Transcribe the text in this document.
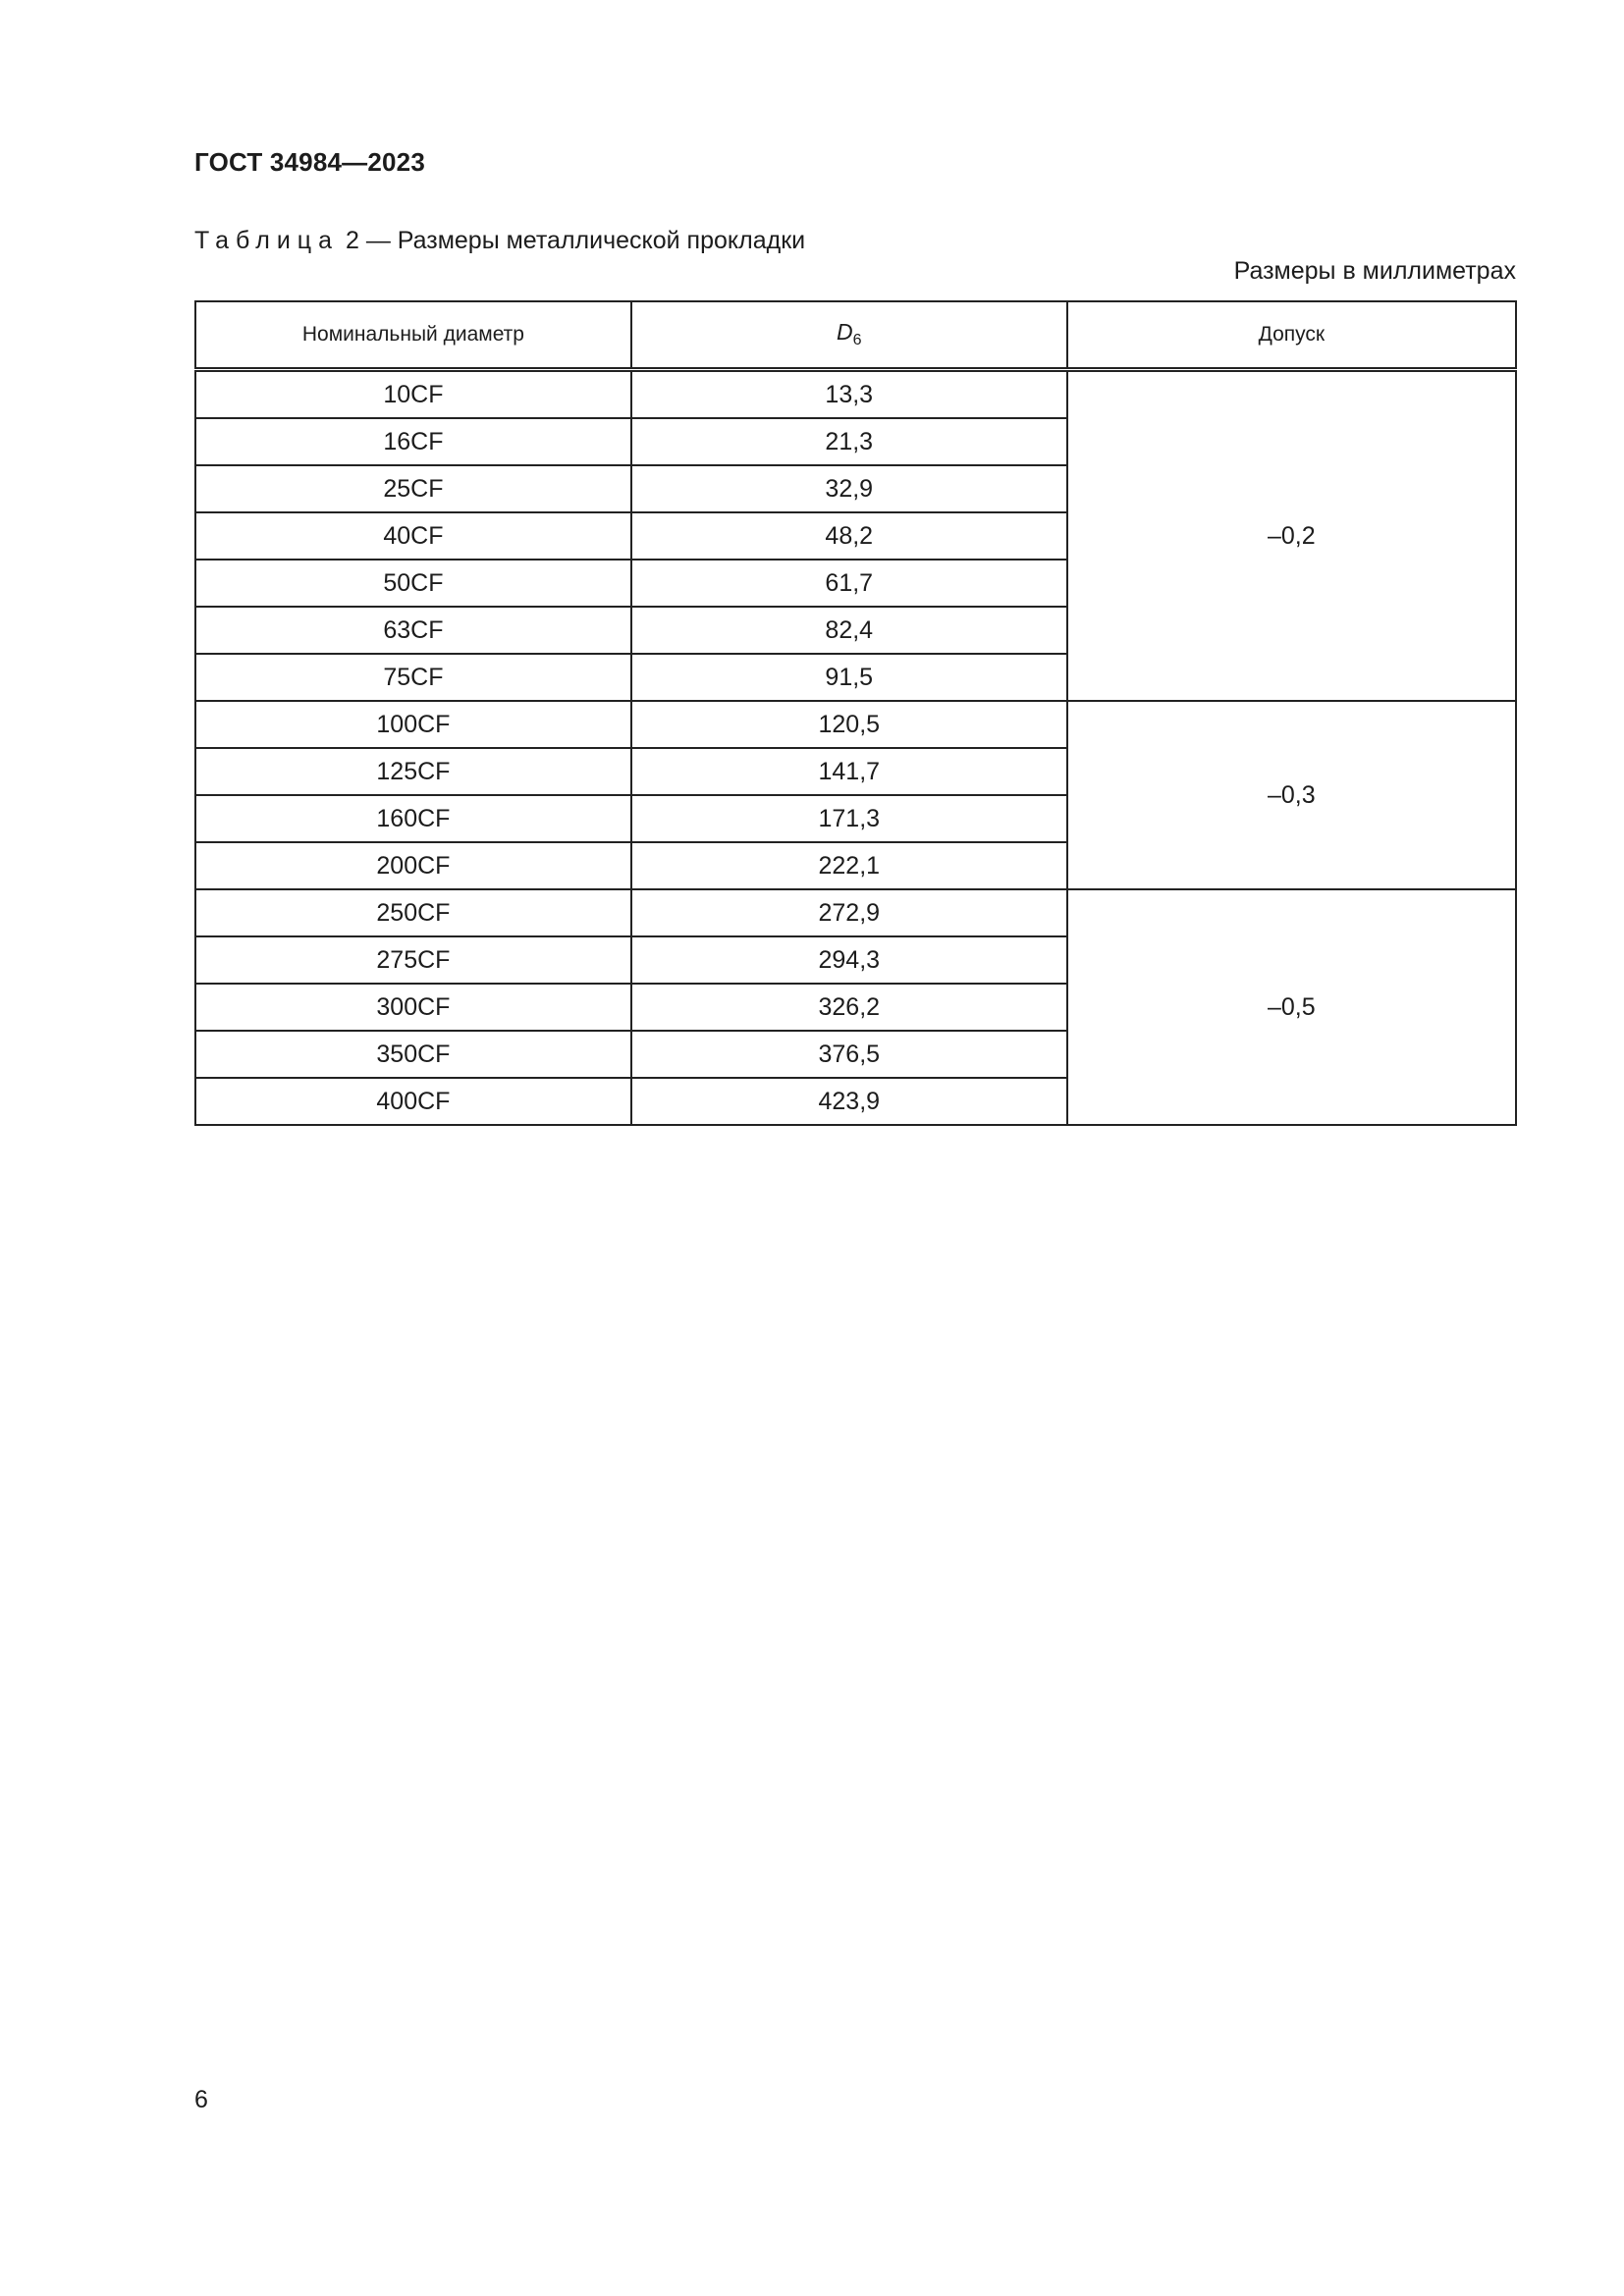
ГОСТ 34984—2023
Таблица 2 — Размеры металлической прокладки
Размеры в миллиметрах
Номинальный диаметр	$D_6$	Допуск
10CF	13,3	–0,2
16CF	21,3	
25CF	32,9	
40CF	48,2	
50CF	61,7	
63CF	82,4	
75CF	91,5	
100CF	120,5	–0,3
125CF	141,7	
160CF	171,3	
200CF	222,1	
250CF	272,9	–0,5
275CF	294,3	
300CF	326,2	
350CF	376,5	
400CF	423,9	
6
